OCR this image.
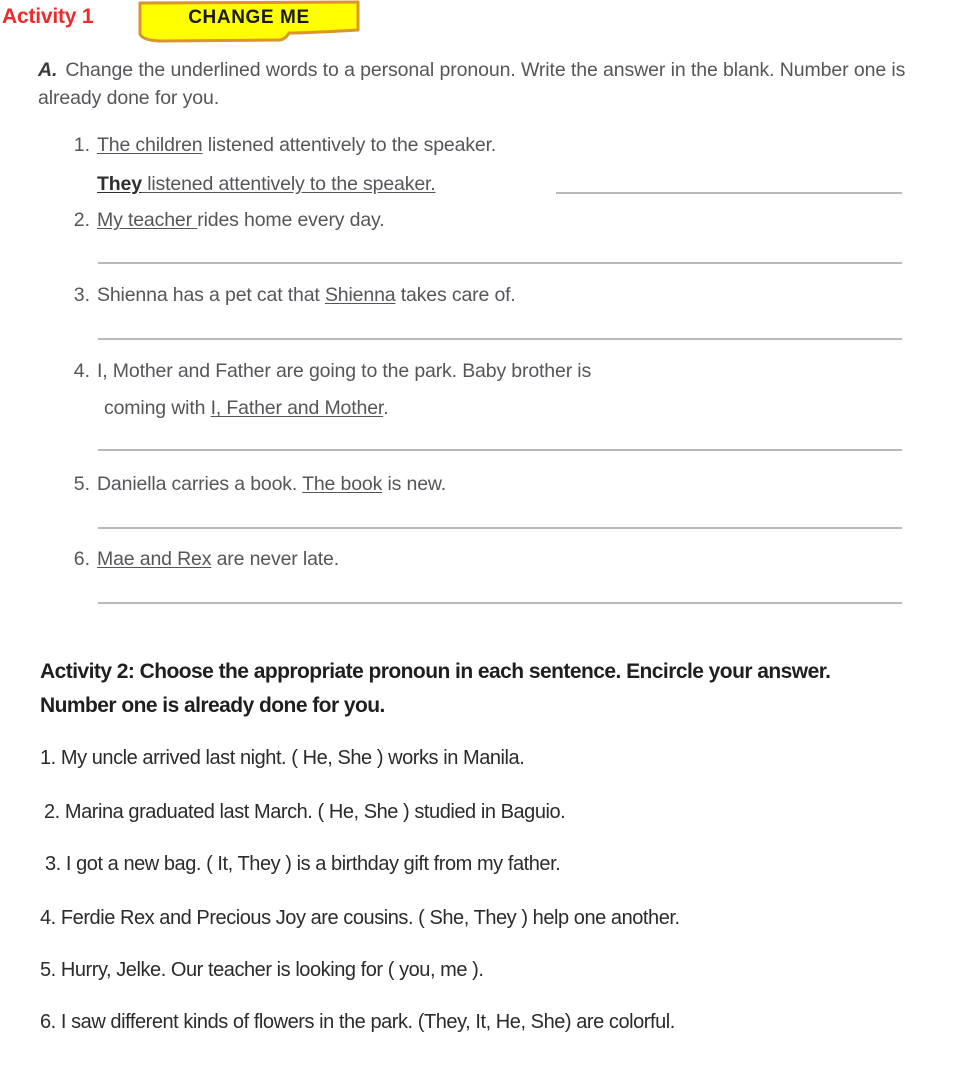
Activity 1	CHANGE ME
A. Change the underlined words to a personal pronoun. Write the answer in the blank. Number one is already done for you.
1. The children listened attentively to the speaker.
They listened attentively to the speaker.
2. My teacher rides home every day.
3. Shienna has a pet cat that Shienna takes care of.
4. I, Mother and Father are going to the park. Baby brother is
coming with I, Father and Mother.
5. Daniella carries a book. The book is new.
6. Mae and Rex are never late.
Activity 2: Choose the appropriate pronoun in each sentence. Encircle your answer.
Number one is already done for you.
1. My uncle arrived last night. ( He, She ) works in Manila.
2. Marina graduated last March. ( He, She ) studied in Baguio.
3. I got a new bag. ( It, They ) is a birthday gift from my father.
4. Ferdie Rex and Precious Joy are cousins. ( She, They ) help one another.
5. Hurry, Jelke. Our teacher is looking for ( you, me ).
6. I saw different kinds of flowers in the park. (They, It, He, She) are colorful.
